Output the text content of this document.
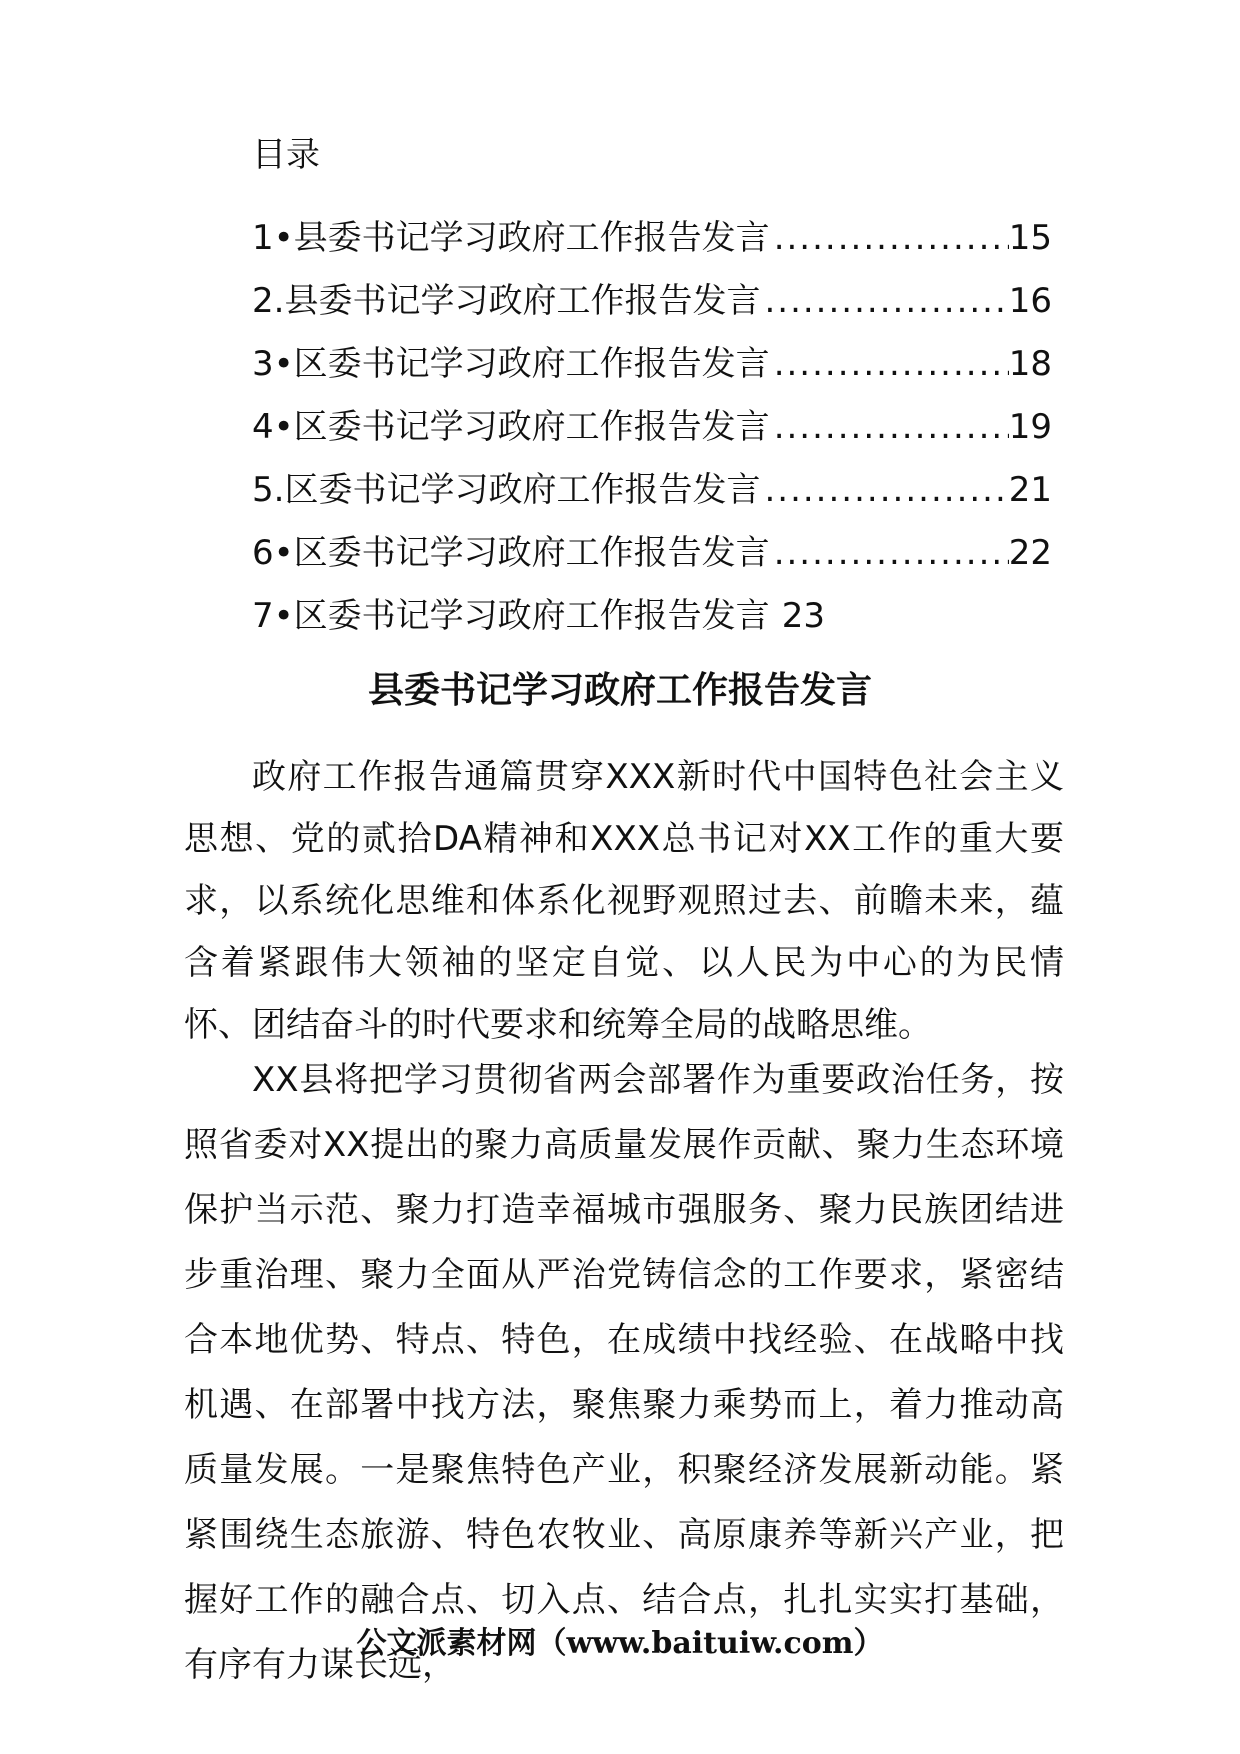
目录
1•县委书记学习政府工作报告发言 .....	15
2.县委书记学习政府工作报告发言 .....	16
3•区委书记学习政府工作报告发言 .....	18
4•区委书记学习政府工作报告发言 .....	19
5.区委书记学习政府工作报告发言 .....	21
6•区委书记学习政府工作报告发言 .....	22
7•区委书记学习政府工作报告发言 23
县委书记学习政府工作报告发言

政府工作报告通篇贯穿XXX新时代中国特色社会主义思想、党的贰拾DA精神和XXX总书记对XX工作的重大要求，以系统化思维和体系化视野观照过去、前瞻未来，蕴含着紧跟伟大领袖的坚定自觉、以人民为中心的为民情怀、团结奋斗的时代要求和统筹全局的战略思维。

XX县将把学习贯彻省两会部署作为重要政治任务，按照省委对XX提出的聚力高质量发展作贡献、聚力生态环境保护当示范、聚力打造幸福城市强服务、聚力民族团结进步重治理、聚力全面从严治党铸信念的工作要求，紧密结合本地优势、特点、特色，在成绩中找经验、在战略中找机遇、在部署中找方法，聚焦聚力乘势而上，着力推动高质量发展。一是聚焦特色产业，积聚经济发展新动能。紧紧围绕生态旅游、特色农牧业、高原康养等新兴产业，把握好工作的融合点、切入点、结合点，扎扎实实打基础，有序有力谋长远，

公文派素材网（www.baituiw.com）
